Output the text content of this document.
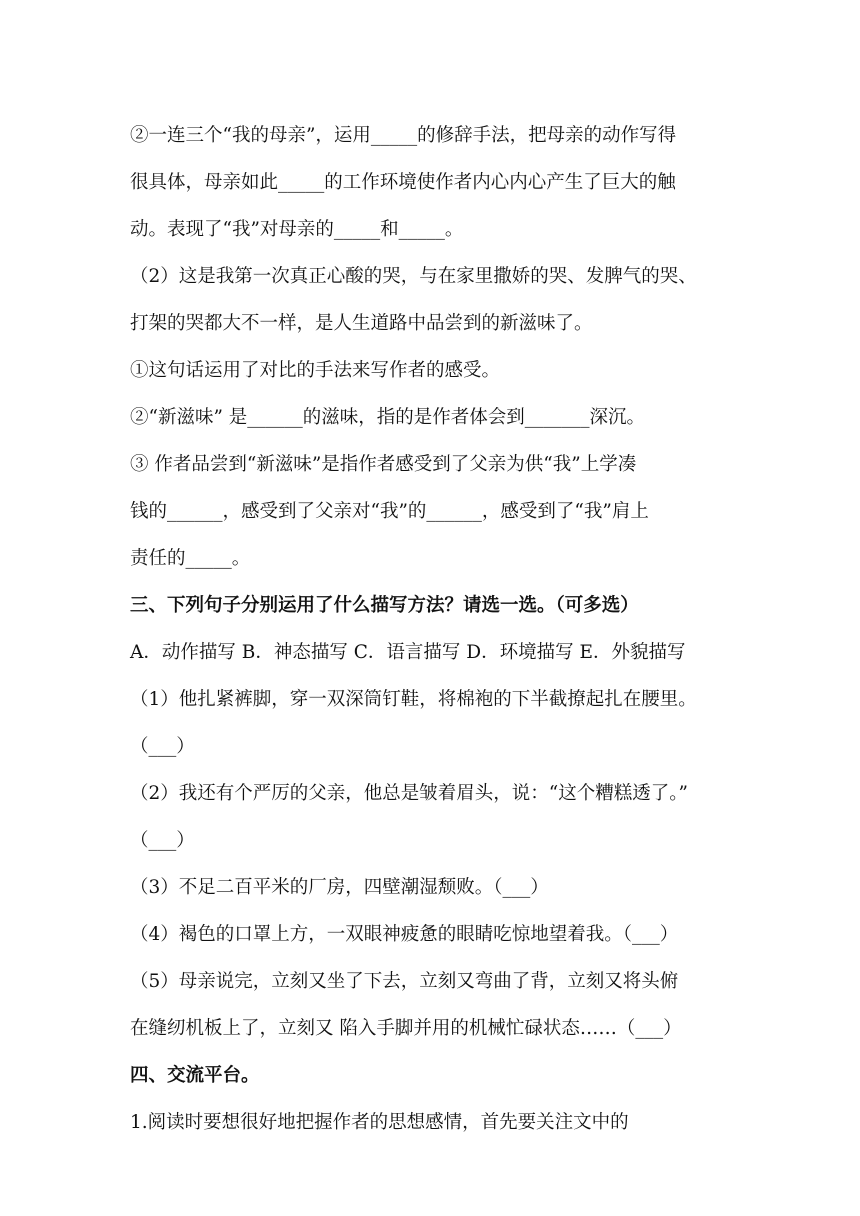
②一连三个“我的母亲”，运用_____的修辞手法，把母亲的动作写得
很具体，母亲如此_____的工作环境使作者内心内心产生了巨大的触
动。表现了“我”对母亲的_____和_____。
（2）这是我第一次真正心酸的哭，与在家里撒娇的哭、发脾气的哭、
打架的哭都大不一样，是人生道路中品尝到的新滋味了。
①这句话运用了对比的手法来写作者的感受。
②“新滋味” 是______的滋味，指的是作者体会到_______深沉。
③ 作者品尝到“新滋味”是指作者感受到了父亲为供“我”上学凑
钱的______，感受到了父亲对“我”的______，感受到了“我”肩上
责任的_____。
三、下列句子分别运用了什么描写方法？请选一选。（可多选）
A．动作描写 B．神态描写 C．语言描写 D．环境描写 E．外貌描写
（1）他扎紧裤脚，穿一双深筒钉鞋，将棉袍的下半截撩起扎在腰里。
（___）
（2）我还有个严厉的父亲，他总是皱着眉头，说：“这个糟糕透了。”
（___）
（3）不足二百平米的厂房，四壁潮湿颓败。（___）
（4）褐色的口罩上方，一双眼神疲惫的眼睛吃惊地望着我。（___）
（5）母亲说完，立刻又坐了下去，立刻又弯曲了背，立刻又将头俯
在缝纫机板上了，立刻又 陷入手脚并用的机械忙碌状态……（___）
四、交流平台。
1.阅读时要想很好地把握作者的思想感情，首先要关注文中的
